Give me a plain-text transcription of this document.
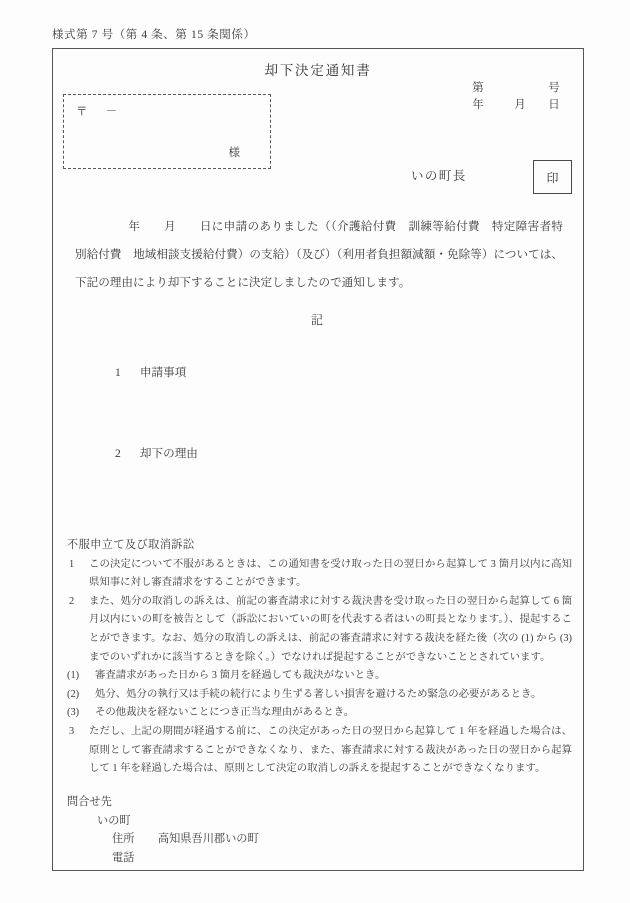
様式第 7 号（第 4 条、第 15 条関係）
却下決定通知書
第	号
年	月	日
〒 －
様
いの町長	印
年　　月　　日に申請のありました（（介護給付費　訓練等給付費　特定障害者特別給付費　地域相談支援給付費）の支給）（及び）（利用者負担額減額・免除等）については、下記の理由により却下することに決定しましたので通知します。
記
1 申請事項
2 却下の理由
不服申立て及び取消訴訟
1	この決定について不服があるときは、この通知書を受け取った日の翌日から起算して 3 箇月以内に高知県知事に対し審査請求をすることができます。
2	また、処分の取消しの訴えは、前記の審査請求に対する裁決書を受け取った日の翌日から起算して 6 箇月以内にいの町を被告として（訴訟においていの町を代表する者はいの町長となります。）、提起することができます。なお、処分の取消しの訴えは、前記の審査請求に対する裁決を経た後（次の (1) から (3) までのいずれかに該当するときを除く。）でなければ提起することができないこととされています。
(1)	審査請求があった日から 3 箇月を経過しても裁決がないとき。
(2)	処分、処分の執行又は手続の続行により生ずる著しい損害を避けるため緊急の必要があるとき。
(3)	その他裁決を経ないことにつき正当な理由があるとき。
3	ただし、上記の期間が経過する前に、この決定があった日の翌日から起算して 1 年を経過した場合は、原則として審査請求することができなくなり、また、審査請求に対する裁決があった日の翌日から起算して 1 年を経過した場合は、原則として決定の取消しの訴えを提起することができなくなります。
問合せ先
いの町
住所 高知県吾川郡いの町
電話
